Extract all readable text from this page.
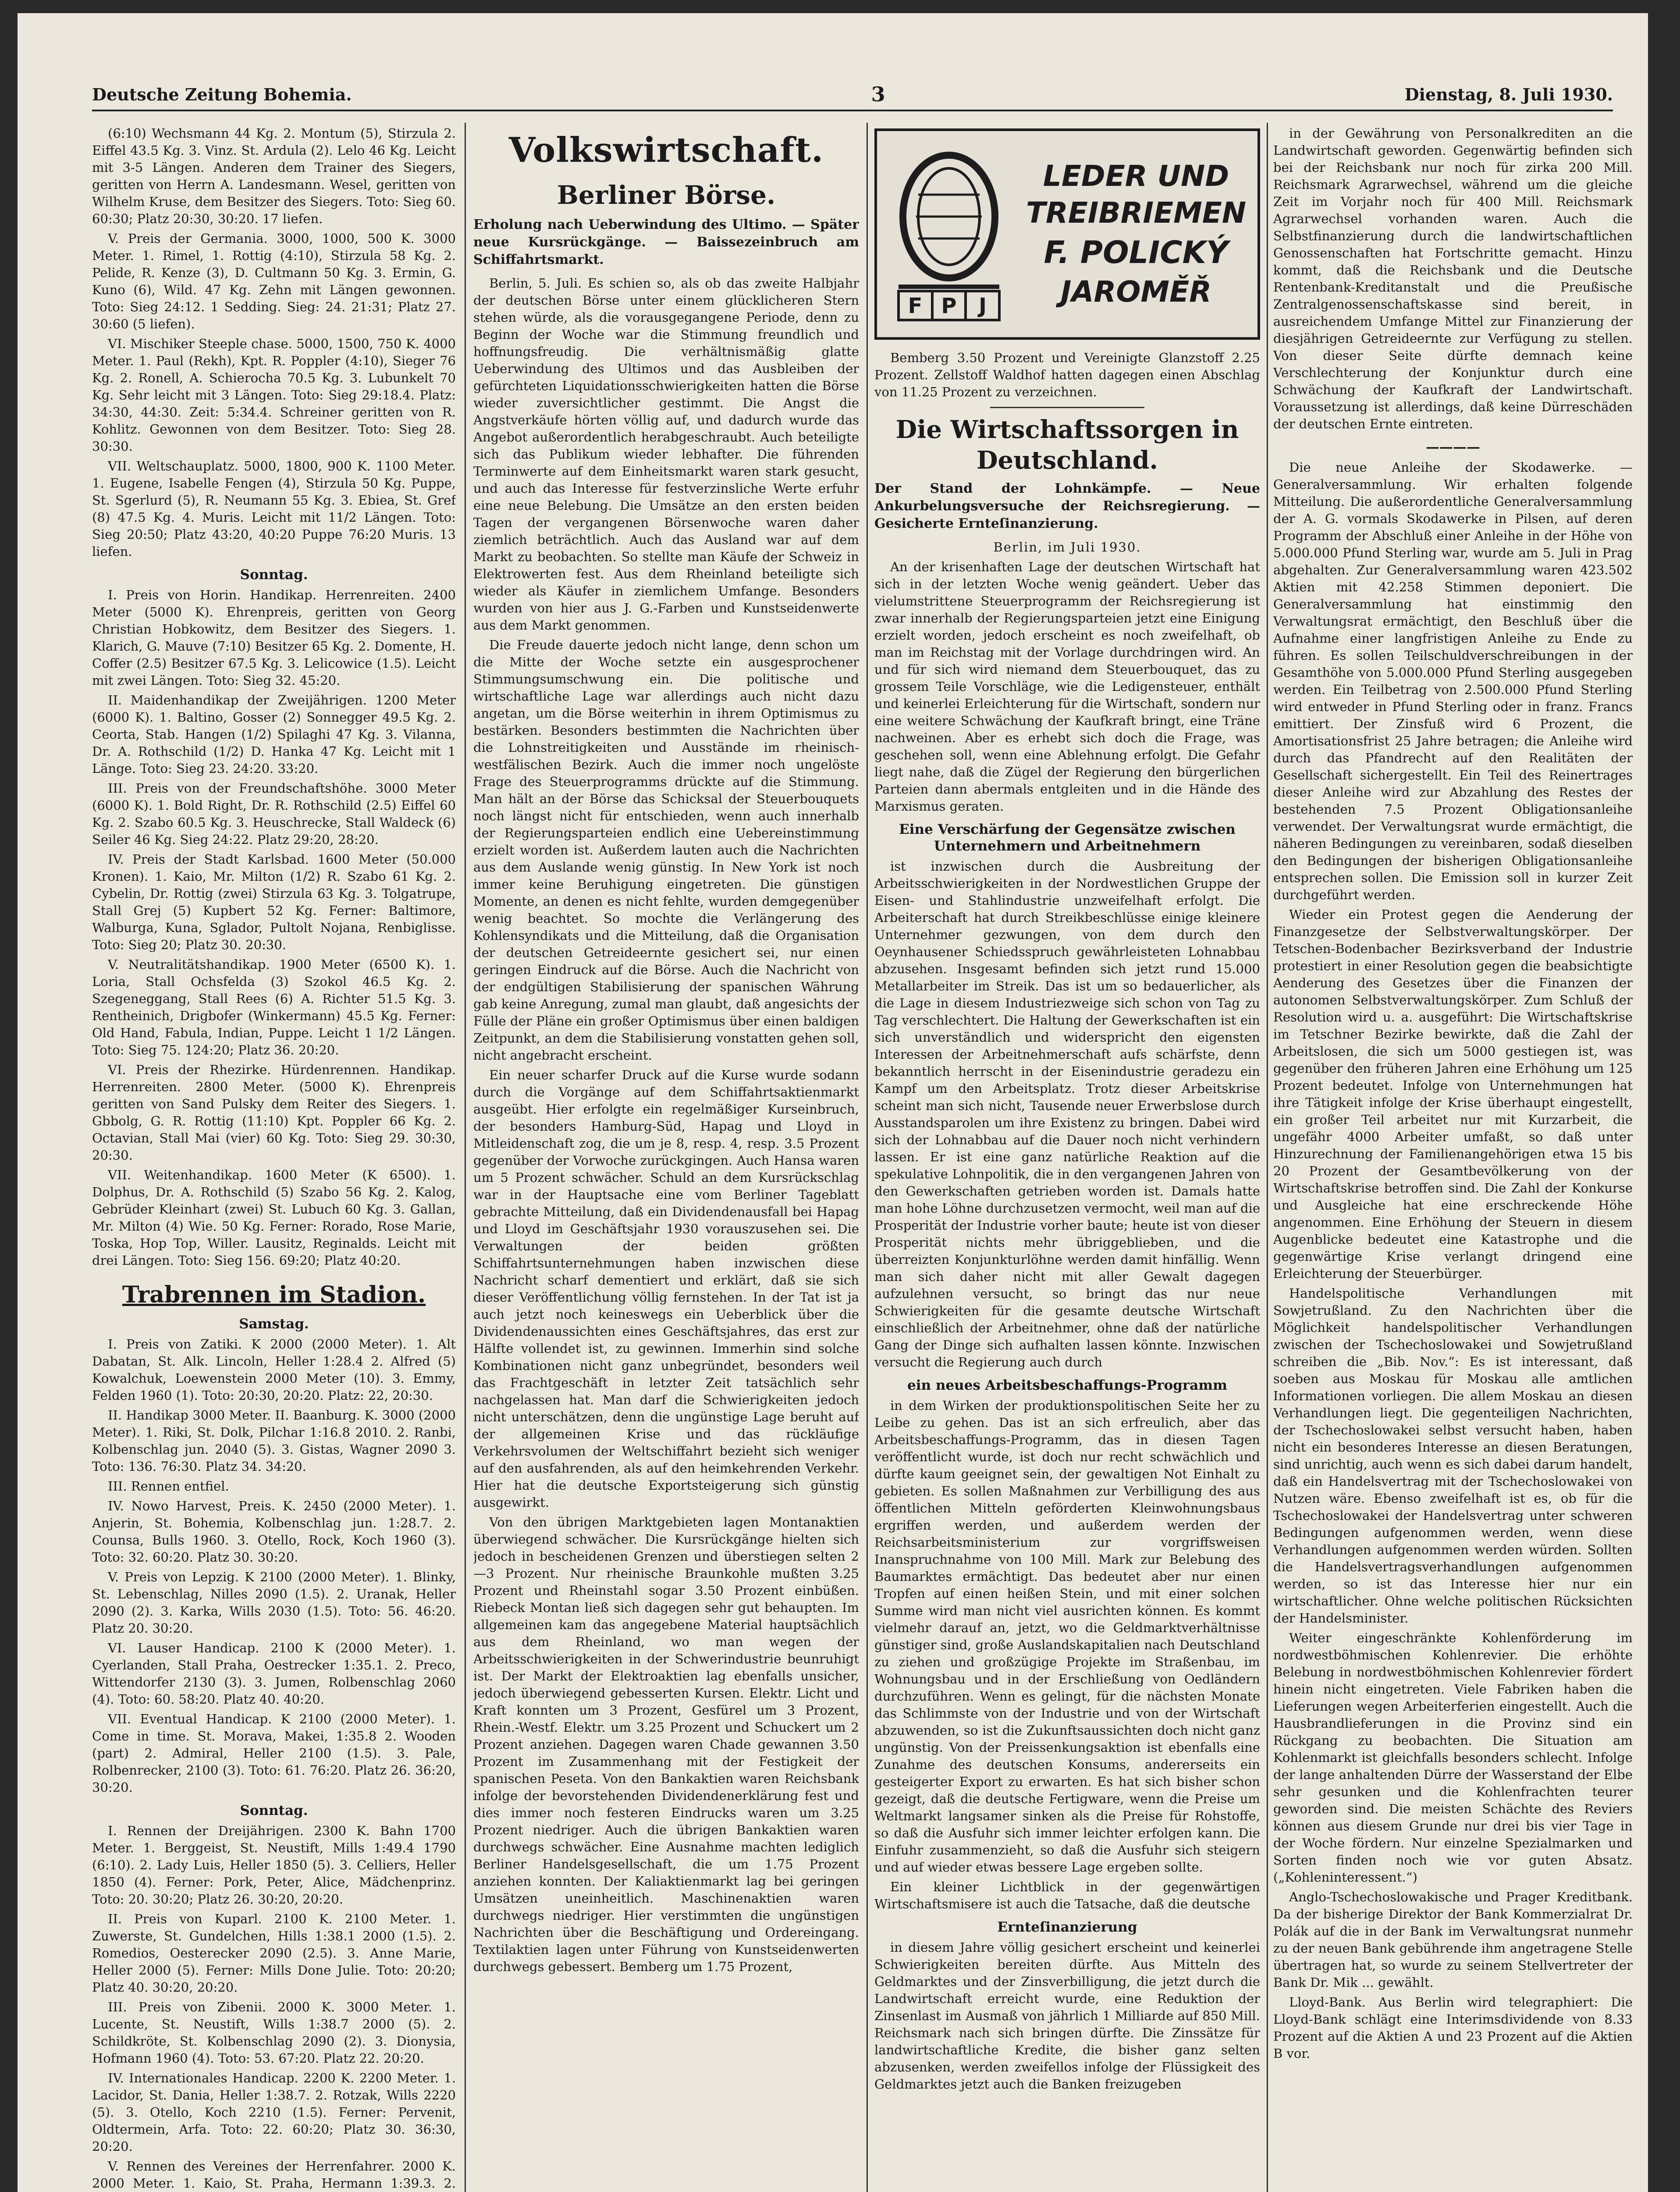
Deutsche Zeitung Bohemia.	3	Dienstag, 8. Juli 1930.

(6:10) Wechsmann 44 Kg. 2. Montum (5), Stirzula 2. Eiffel 43.5 Kg. 3. Vinz. St. Ardula (2). Lelo 46 Kg. Leicht mit 3-5 Längen. Anderen dem Trainer des Siegers, geritten von Herrn A. Landesmann. Wesel, geritten von Wilhelm Kruse, dem Besitzer des Siegers. Toto: Sieg 60. 60:30; Platz 20:30, 30:20. 17 liefen.

V. Preis der Germania. 3000, 1000, 500 K. 3000 Meter. 1. Rimel, 1. Rottig (4:10), Stirzula 58 Kg. 2. Pelide, R. Kenze (3), D. Cultmann 50 Kg. 3. Ermin, G. Kuno (6), Wild. 47 Kg. Zehn mit Längen gewonnen. Toto: Sieg 24:12. 1 Sedding. Sieg: 24. 21:31; Platz 27. 30:60 (5 liefen).

VI. Mischiker Steeple chase. 5000, 1500, 750 K. 4000 Meter. 1. Paul (Rekh), Kpt. R. Poppler (4:10), Sieger 76 Kg. 2. Ronell, A. Schierocha 70.5 Kg. 3. Lubunkelt 70 Kg. Sehr leicht mit 3 Längen. Toto: Sieg 29:18.4. Platz: 34:30, 44:30. Zeit: 5:34.4. Schreiner geritten von R. Kohlitz. Gewonnen von dem Besitzer. Toto: Sieg 28. 30:30.

VII. Weltschauplatz. 5000, 1800, 900 K. 1100 Meter. 1. Eugene, Isabelle Fengen (4), Stirzula 50 Kg. Puppe, St. Sgerlurd (5), R. Neumann 55 Kg. 3. Ebiea, St. Gref (8) 47.5 Kg. 4. Muris. Leicht mit 11/2 Längen. Toto: Sieg 20:50; Platz 43:20, 40:20 Puppe 76:20 Muris. 13 liefen.

Sonntag.

I. Preis von Horin. Handikap. Herrenreiten. 2400 Meter (5000 K). Ehrenpreis, geritten von Georg Christian Hobkowitz, dem Besitzer des Siegers. 1. Klarich, G. Mauve (7:10) Besitzer 65 Kg. 2. Domente, H. Coffer (2.5) Besitzer 67.5 Kg. 3. Lelicowice (1.5). Leicht mit zwei Längen. Toto: Sieg 32. 45:20.

II. Maidenhandikap der Zweijährigen. 1200 Meter (6000 K). 1. Baltino, Gosser (2) Sonnegger 49.5 Kg. 2. Ceorta, Stab. Hangen (1/2) Spilaghi 47 Kg. 3. Vilanna, Dr. A. Rothschild (1/2) D. Hanka 47 Kg. Leicht mit 1 Länge. Toto: Sieg 23. 24:20. 33:20.

III. Preis von der Freundschaftshöhe. 3000 Meter (6000 K). 1. Bold Right, Dr. R. Rothschild (2.5) Eiffel 60 Kg. 2. Szabo 60.5 Kg. 3. Heuschrecke, Stall Waldeck (6) Seiler 46 Kg. Sieg 24:22. Platz 29:20, 28:20.

IV. Preis der Stadt Karlsbad. 1600 Meter (50.000 Kronen). 1. Kaio, Mr. Milton (1/2) R. Szabo 61 Kg. 2. Cybelin, Dr. Rottig (zwei) Stirzula 63 Kg. 3. Tolgatrupe, Stall Grej (5) Kupbert 52 Kg. Ferner: Baltimore, Walburga, Kuna, Sglador, Pultolt Nojana, Renbiglisse. Toto: Sieg 20; Platz 30. 20:30.

V. Neutralitätshandikap. 1900 Meter (6500 K). 1. Loria, Stall Ochsfelda (3) Szokol 46.5 Kg. 2. Szegeneggang, Stall Rees (6) A. Richter 51.5 Kg. 3. Rentheinich, Drigbofer (Winkermann) 45.5 Kg. Ferner: Old Hand, Fabula, Indian, Puppe. Leicht 1 1/2 Längen. Toto: Sieg 75. 124:20; Platz 36. 20:20.

VI. Preis der Rhezirke. Hürdenrennen. Handikap. Herrenreiten. 2800 Meter. (5000 K). Ehrenpreis geritten von Sand Pulsky dem Reiter des Siegers. 1. Gbbolg, G. R. Rottig (11:10) Kpt. Poppler 66 Kg. 2. Octavian, Stall Mai (vier) 60 Kg. Toto: Sieg 29. 30:30, 20:30.

VII. Weitenhandikap. 1600 Meter (K 6500). 1. Dolphus, Dr. A. Rothschild (5) Szabo 56 Kg. 2. Kalog, Gebrüder Kleinhart (zwei) St. Lubuch 60 Kg. 3. Gallan, Mr. Milton (4) Wie. 50 Kg. Ferner: Rorado, Rose Marie, Toska, Hop Top, Willer. Lausitz, Reginalds. Leicht mit drei Längen. Toto: Sieg 156. 69:20; Platz 40:20.

Trabrennen im Stadion.
Samstag.

I. Preis von Zatiki. K 2000 (2000 Meter). 1. Alt Dabatan, St. Alk. Lincoln, Heller 1:28.4 2. Alfred (5) Kowalchuk, Loewenstein 2000 Meter (10). 3. Emmy, Felden 1960 (1). Toto: 20:30, 20:20. Platz: 22, 20:30.

II. Handikap 3000 Meter. II. Baanburg. K. 3000 (2000 Meter). 1. Riki, St. Dolk, Pilchar 1:16.8 2010. 2. Ranbi, Kolbenschlag jun. 2040 (5). 3. Gistas, Wagner 2090 3. Toto: 136. 76:30. Platz 34. 34:20.

III. Rennen entfiel.

IV. Nowo Harvest, Preis. K. 2450 (2000 Meter). 1. Anjerin, St. Bohemia, Kolbenschlag jun. 1:28.7. 2. Counsa, Bulls 1960. 3. Otello, Rock, Koch 1960 (3). Toto: 32. 60:20. Platz 30. 30:20.

V. Preis von Lepzig. K 2100 (2000 Meter). 1. Blinky, St. Lebenschlag, Nilles 2090 (1.5). 2. Uranak, Heller 2090 (2). 3. Karka, Wills 2030 (1.5). Toto: 56. 46:20. Platz 20. 30:20.

VI. Lauser Handicap. 2100 K (2000 Meter). 1. Cyerlanden, Stall Praha, Oestrecker 1:35.1. 2. Preco, Wittendorfer 2130 (3). 3. Jumen, Rolbenschlag 2060 (4). Toto: 60. 58:20. Platz 40. 40:20.

VII. Eventual Handicap. K 2100 (2000 Meter). 1. Come in time. St. Morava, Makei, 1:35.8 2. Wooden (part) 2. Admiral, Heller 2100 (1.5). 3. Pale, Rolbenrecker, 2100 (3). Toto: 61. 76:20. Platz 26. 36:20, 30:20.

Sonntag.

I. Rennen der Dreijährigen. 2300 K. Bahn 1700 Meter. 1. Berggeist, St. Neustift, Mills 1:49.4 1790 (6:10). 2. Lady Luis, Heller 1850 (5). 3. Celliers, Heller 1850 (4). Ferner: Pork, Peter, Alice, Mädchenprinz. Toto: 20. 30:20; Platz 26. 30:20, 20:20.

II. Preis von Kuparl. 2100 K. 2100 Meter. 1. Zuwerste, St. Gundelchen, Hills 1:38.1 2000 (1.5). 2. Romedios, Oesterecker 2090 (2.5). 3. Anne Marie, Heller 2000 (5). Ferner: Mills Done Julie. Toto: 20:20; Platz 40. 30:20, 20:20.

III. Preis von Zibenii. 2000 K. 3000 Meter. 1. Lucente, St. Neustift, Wills 1:38.7 2000 (5). 2. Schildkröte, St. Kolbenschlag 2090 (2). 3. Dionysia, Hofmann 1960 (4). Toto: 53. 67:20. Platz 22. 20:20.

IV. Internationales Handicap. 2200 K. 2200 Meter. 1. Lacidor, St. Dania, Heller 1:38.7. 2. Rotzak, Wills 2220 (5). 3. Otello, Koch 2210 (1.5). Ferner: Pervenit, Oldtermein, Arfa. Toto: 22. 60:20; Platz 30. 36:30, 20:20.

V. Rennen des Vereines der Herrenfahrer. 2000 K. 2000 Meter. 1. Kaio, St. Praha, Hermann 1:39.3. 2.

Volkswirtschaft.
Berliner Börse.
Erholung nach Ueberwindung des Ultimo. — Später neue Kursrückgänge. — Baissezeinbruch am Schiffahrtsmarkt.

Berlin, 5. Juli. Es schien so, als ob das zweite Halbjahr der deutschen Börse unter einem glücklicheren Stern stehen würde, als die vorausgegangene Periode, denn zu Beginn der Woche war die Stimmung freundlich und hoffnungsfreudig. Die verhältnismäßig glatte Ueberwindung des Ultimos und das Ausbleiben der gefürchteten Liquidationsschwierigkeiten hatten die Börse wieder zuversichtlicher gestimmt. Die Angst die Angstverkäufe hörten völlig auf, und dadurch wurde das Angebot außerordentlich herabgeschraubt. Auch beteiligte sich das Publikum wieder lebhafter. Die führenden Terminwerte auf dem Einheitsmarkt waren stark gesucht, und auch das Interesse für festverzinsliche Werte erfuhr eine neue Belebung. Die Umsätze an den ersten beiden Tagen der vergangenen Börsenwoche waren daher ziemlich beträchtlich. Auch das Ausland war auf dem Markt zu beobachten. So stellte man Käufe der Schweiz in Elektrowerten fest. Aus dem Rheinland beteiligte sich wieder als Käufer in ziemlichem Umfange. Besonders wurden von hier aus J. G.-Farben und Kunstseidenwerte aus dem Markt genommen.

Die Freude dauerte jedoch nicht lange, denn schon um die Mitte der Woche setzte ein ausgesprochener Stimmungsumschwung ein. Die politische und wirtschaftliche Lage war allerdings auch nicht dazu angetan, um die Börse weiterhin in ihrem Optimismus zu bestärken. Besonders bestimmten die Nachrichten über die Lohnstreitigkeiten und Ausstände im rheinisch-westfälischen Bezirk. Auch die immer noch ungelöste Frage des Steuerprogramms drückte auf die Stimmung. Man hält an der Börse das Schicksal der Steuerbouquets noch längst nicht für entschieden, wenn auch innerhalb der Regierungsparteien endlich eine Uebereinstimmung erzielt worden ist. Außerdem lauten auch die Nachrichten aus dem Auslande wenig günstig. In New York ist noch immer keine Beruhigung eingetreten. Die günstigen Momente, an denen es nicht fehlte, wurden demgegenüber wenig beachtet. So mochte die Verlängerung des Kohlensyndikats und die Mitteilung, daß die Organisation der deutschen Getreideernte gesichert sei, nur einen geringen Eindruck auf die Börse. Auch die Nachricht von der endgültigen Stabilisierung der spanischen Währung gab keine Anregung, zumal man glaubt, daß angesichts der Fülle der Pläne ein großer Optimismus über einen baldigen Zeitpunkt, an dem die Stabilisierung vonstatten gehen soll, nicht angebracht erscheint.

Ein neuer scharfer Druck auf die Kurse wurde sodann durch die Vorgänge auf dem Schiffahrtsaktienmarkt ausgeübt. Hier erfolgte ein regelmäßiger Kurseinbruch, der besonders Hamburg-Süd, Hapag und Lloyd in Mitleidenschaft zog, die um je 8, resp. 4, resp. 3.5 Prozent gegenüber der Vorwoche zurückgingen. Auch Hansa waren um 5 Prozent schwächer. Schuld an dem Kursrückschlag war in der Hauptsache eine vom Berliner Tageblatt gebrachte Mitteilung, daß ein Dividendenausfall bei Hapag und Lloyd im Geschäftsjahr 1930 vorauszusehen sei. Die Verwaltungen der beiden größten Schiffahrtsunternehmungen haben inzwischen diese Nachricht scharf dementiert und erklärt, daß sie sich dieser Veröffentlichung völlig fernstehen. In der Tat ist ja auch jetzt noch keineswegs ein Ueberblick über die Dividendenaussichten eines Geschäftsjahres, das erst zur Hälfte vollendet ist, zu gewinnen. Immerhin sind solche Kombinationen nicht ganz unbegründet, besonders weil das Frachtgeschäft in letzter Zeit tatsächlich sehr nachgelassen hat. Man darf die Schwierigkeiten jedoch nicht unterschätzen, denn die ungünstige Lage beruht auf der allgemeinen Krise und das rückläufige Verkehrsvolumen der Weltschiffahrt bezieht sich weniger auf den ausfahrenden, als auf den heimkehrenden Verkehr. Hier hat die deutsche Exportsteigerung sich günstig ausgewirkt.

Von den übrigen Marktgebieten lagen Montanaktien überwiegend schwächer. Die Kursrückgänge hielten sich jedoch in bescheidenen Grenzen und überstiegen selten 2—3 Prozent. Nur rheinische Braunkohle mußten 3.25 Prozent und Rheinstahl sogar 3.50 Prozent einbüßen. Riebeck Montan ließ sich dagegen sehr gut behaupten. Im allgemeinen kam das angegebene Material hauptsächlich aus dem Rheinland, wo man wegen der Arbeitsschwierigkeiten in der Schwerindustrie beunruhigt ist. Der Markt der Elektroaktien lag ebenfalls unsicher, jedoch überwiegend gebesserten Kursen. Elektr. Licht und Kraft konnten um 3 Prozent, Gesfürel um 3 Prozent, Rhein.-Westf. Elektr. um 3.25 Prozent und Schuckert um 2 Prozent anziehen. Dagegen waren Chade gewannen 3.50 Prozent im Zusammenhang mit der Festigkeit der spanischen Peseta. Von den Bankaktien waren Reichsbank infolge der bevorstehenden Dividendenerklärung fest und dies immer noch festeren Eindrucks waren um 3.25 Prozent niedriger. Auch die übrigen Bankaktien waren durchwegs schwächer. Eine Ausnahme machten lediglich Berliner Handelsgesellschaft, die um 1.75 Prozent anziehen konnten. Der Kaliaktienmarkt lag bei geringen Umsätzen uneinheitlich. Maschinenaktien waren durchwegs niedriger. Hier verstimmten die ungünstigen Nachrichten über die Beschäftigung und Ordereingang. Textilaktien lagen unter Führung von Kunstseidenwerten durchwegs gebessert. Bemberg um 1.75 Prozent,

F P J
LEDER UND
TREIBRIEMEN
F. POLICKÝ
JAROMĚŘ

Bemberg 3.50 Prozent und Vereinigte Glanzstoff 2.25 Prozent. Zellstoff Waldhof hatten dagegen einen Abschlag von 11.25 Prozent zu verzeichnen.

Die Wirtschaftssorgen in Deutschland.
Der Stand der Lohnkämpfe. — Neue Ankurbelungsversuche der Reichsregierung. — Gesicherte Ernteſinanzierung.
Berlin, im Juli 1930.

An der krisenhaften Lage der deutschen Wirtschaft hat sich in der letzten Woche wenig geändert. Ueber das vielumstrittene Steuerprogramm der Reichsregierung ist zwar innerhalb der Regierungsparteien jetzt eine Einigung erzielt worden, jedoch erscheint es noch zweifelhaft, ob man im Reichstag mit der Vorlage durchdringen wird. An und für sich wird niemand dem Steuerbouquet, das zu grossem Teile Vorschläge, wie die Ledigensteuer, enthält und keinerlei Erleichterung für die Wirtschaft, sondern nur eine weitere Schwächung der Kaufkraft bringt, eine Träne nachweinen. Aber es erhebt sich doch die Frage, was geschehen soll, wenn eine Ablehnung erfolgt. Die Gefahr liegt nahe, daß die Zügel der Regierung den bürgerlichen Parteien dann abermals entgleiten und in die Hände des Marxismus geraten.

Eine Verschärfung der Gegensätze zwischen Unternehmern und Arbeitnehmern

ist inzwischen durch die Ausbreitung der Arbeitsschwierigkeiten in der Nordwestlichen Gruppe der Eisen- und Stahlindustrie unzweifelhaft erfolgt. Die Arbeiterschaft hat durch Streikbeschlüsse einige kleinere Unternehmer gezwungen, von dem durch den Oeynhausener Schiedsspruch gewährleisteten Lohnabbau abzusehen. Insgesamt befinden sich jetzt rund 15.000 Metallarbeiter im Streik. Das ist um so bedauerlicher, als die Lage in diesem Industriezweige sich schon von Tag zu Tag verschlechtert. Die Haltung der Gewerkschaften ist ein sich unverständlich und widerspricht den eigensten Interessen der Arbeitnehmerschaft aufs schärfste, denn bekanntlich herrscht in der Eisenindustrie geradezu ein Kampf um den Arbeitsplatz. Trotz dieser Arbeitskrise scheint man sich nicht, Tausende neuer Erwerbslose durch Ausstandsparolen um ihre Existenz zu bringen. Dabei wird sich der Lohnabbau auf die Dauer noch nicht verhindern lassen. Er ist eine ganz natürliche Reaktion auf die spekulative Lohnpolitik, die in den vergangenen Jahren von den Gewerkschaften getrieben worden ist. Damals hatte man hohe Löhne durchzusetzen vermocht, weil man auf die Prosperität der Industrie vorher baute; heute ist von dieser Prosperität nichts mehr übriggeblieben, und die überreizten Konjunkturlöhne werden damit hinfällig. Wenn man sich daher nicht mit aller Gewalt dagegen aufzulehnen versucht, so bringt das nur neue Schwierigkeiten für die gesamte deutsche Wirtschaft einschließlich der Arbeitnehmer, ohne daß der natürliche Gang der Dinge sich aufhalten lassen könnte. Inzwischen versucht die Regierung auch durch

ein neues Arbeitsbeschaffungs-Programm

in dem Wirken der produktionspolitischen Seite her zu Leibe zu gehen. Das ist an sich erfreulich, aber das Arbeitsbeschaffungs-Programm, das in diesen Tagen veröffentlicht wurde, ist doch nur recht schwächlich und dürfte kaum geeignet sein, der gewaltigen Not Einhalt zu gebieten. Es sollen Maßnahmen zur Verbilligung des aus öffentlichen Mitteln geförderten Kleinwohnungsbaus ergriffen werden, und außerdem werden der Reichsarbeitsministerium zur vorgriffsweisen Inanspruchnahme von 100 Mill. Mark zur Belebung des Baumarktes ermächtigt. Das bedeutet aber nur einen Tropfen auf einen heißen Stein, und mit einer solchen Summe wird man nicht viel ausrichten können. Es kommt vielmehr darauf an, jetzt, wo die Geldmarktverhältnisse günstiger sind, große Auslandskapitalien nach Deutschland zu ziehen und großzügige Projekte im Straßenbau, im Wohnungsbau und in der Erschließung von Oedländern durchzuführen. Wenn es gelingt, für die nächsten Monate das Schlimmste von der Industrie und von der Wirtschaft abzuwenden, so ist die Zukunftsaussichten doch nicht ganz ungünstig. Von der Preissenkungsaktion ist ebenfalls eine Zunahme des deutschen Konsums, andererseits ein gesteigerter Export zu erwarten. Es hat sich bisher schon gezeigt, daß die deutsche Fertigware, wenn die Preise um Weltmarkt langsamer sinken als die Preise für Rohstoffe, so daß die Ausfuhr sich immer leichter erfolgen kann. Die Einfuhr zusammenzieht, so daß die Ausfuhr sich steigern und auf wieder etwas bessere Lage ergeben sollte.

Ein kleiner Lichtblick in der gegenwärtigen Wirtschaftsmisere ist auch die Tatsache, daß die deutsche

Ernteſinanzierung

in diesem Jahre völlig gesichert erscheint und keinerlei Schwierigkeiten bereiten dürfte. Aus Mitteln des Geldmarktes und der Zinsverbilligung, die jetzt durch die Landwirtschaft erreicht wurde, eine Reduktion der Zinsenlast im Ausmaß von jährlich 1 Milliarde auf 850 Mill. Reichsmark nach sich bringen dürfte. Die Zinssätze für landwirtschaftliche Kredite, die bisher ganz selten abzusenken, werden zweifellos infolge der Flüssigkeit des Geldmarktes jetzt auch die Banken freizugeben

in der Gewährung von Personalkrediten an die Landwirtschaft geworden. Gegenwärtig befinden sich bei der Reichsbank nur noch für zirka 200 Mill. Reichsmark Agrarwechsel, während um die gleiche Zeit im Vorjahr noch für 400 Mill. Reichsmark Agrarwechsel vorhanden waren. Auch die Selbstfinanzierung durch die landwirtschaftlichen Genossenschaften hat Fortschritte gemacht. Hinzu kommt, daß die Reichsbank und die Deutsche Rentenbank-Kreditanstalt und die Preußische Zentralgenossenschaftskasse sind bereit, in ausreichendem Umfange Mittel zur Finanzierung der diesjährigen Getreideernte zur Verfügung zu stellen. Von dieser Seite dürfte demnach keine Verschlechterung der Konjunktur durch eine Schwächung der Kaufkraft der Landwirtschaft. Voraussetzung ist allerdings, daß keine Dürreschäden der deutschen Ernte eintreten.

————

Die neue Anleihe der Skodawerke. — Generalversammlung. Wir erhalten folgende Mitteilung. Die außerordentliche Generalversammlung der A. G. vormals Skodawerke in Pilsen, auf deren Programm der Abschluß einer Anleihe in der Höhe von 5.000.000 Pfund Sterling war, wurde am 5. Juli in Prag abgehalten. Zur Generalversammlung waren 423.502 Aktien mit 42.258 Stimmen deponiert. Die Generalversammlung hat einstimmig den Verwaltungsrat ermächtigt, den Beschluß über die Aufnahme einer langfristigen Anleihe zu Ende zu führen. Es sollen Teilschuldverschreibungen in der Gesamthöhe von 5.000.000 Pfund Sterling ausgegeben werden. Ein Teilbetrag von 2.500.000 Pfund Sterling wird entweder in Pfund Sterling oder in franz. Francs emittiert. Der Zinsfuß wird 6 Prozent, die Amortisationsfrist 25 Jahre betragen; die Anleihe wird durch das Pfandrecht auf den Realitäten der Gesellschaft sichergestellt. Ein Teil des Reinertrages dieser Anleihe wird zur Abzahlung des Restes der bestehenden 7.5 Prozent Obligationsanleihe verwendet. Der Verwaltungsrat wurde ermächtigt, die näheren Bedingungen zu vereinbaren, sodaß dieselben den Bedingungen der bisherigen Obligationsanleihe entsprechen sollen. Die Emission soll in kurzer Zeit durchgeführt werden.

Wieder ein Protest gegen die Aenderung der Finanzgesetze der Selbstverwaltungskörper. Der Tetschen-Bodenbacher Bezirksverband der Industrie protestiert in einer Resolution gegen die beabsichtigte Aenderung des Gesetzes über die Finanzen der autonomen Selbstverwaltungskörper. Zum Schluß der Resolution wird u. a. ausgeführt: Die Wirtschaftskrise im Tetschner Bezirke bewirkte, daß die Zahl der Arbeitslosen, die sich um 5000 gestiegen ist, was gegenüber den früheren Jahren eine Erhöhung um 125 Prozent bedeutet. Infolge von Unternehmungen hat ihre Tätigkeit infolge der Krise überhaupt eingestellt, ein großer Teil arbeitet nur mit Kurzarbeit, die ungefähr 4000 Arbeiter umfaßt, so daß unter Hinzurechnung der Familienangehörigen etwa 15 bis 20 Prozent der Gesamtbevölkerung von der Wirtschaftskrise betroffen sind. Die Zahl der Konkurse und Ausgleiche hat eine erschreckende Höhe angenommen. Eine Erhöhung der Steuern in diesem Augenblicke bedeutet eine Katastrophe und die gegenwärtige Krise verlangt dringend eine Erleichterung der Steuerbürger.

Handelspolitische Verhandlungen mit Sowjetrußland. Zu den Nachrichten über die Möglichkeit handelspolitischer Verhandlungen zwischen der Tschechoslowakei und Sowjetrußland schreiben die „Bib. Nov.“: Es ist interessant, daß soeben aus Moskau für Moskau alle amtlichen Informationen vorliegen. Die allem Moskau an diesen Verhandlungen liegt. Die gegenteiligen Nachrichten, der Tschechoslowakei selbst versucht haben, haben nicht ein besonderes Interesse an diesen Beratungen, sind unrichtig, auch wenn es sich dabei darum handelt, daß ein Handelsvertrag mit der Tschechoslowakei von Nutzen wäre. Ebenso zweifelhaft ist es, ob für die Tschechoslowakei der Handelsvertrag unter schweren Bedingungen aufgenommen werden, wenn diese Verhandlungen aufgenommen werden würden. Sollten die Handelsvertragsverhandlungen aufgenommen werden, so ist das Interesse hier nur ein wirtschaftlicher. Ohne welche politischen Rücksichten der Handelsminister.

Weiter eingeschränkte Kohlenförderung im nordwestböhmischen Kohlenrevier. Die erhöhte Belebung in nordwestböhmischen Kohlenrevier fördert hinein nicht eingetreten. Viele Fabriken haben die Lieferungen wegen Arbeiterferien eingestellt. Auch die Hausbrandlieferungen in die Provinz sind ein Rückgang zu beobachten. Die Situation am Kohlenmarkt ist gleichfalls besonders schlecht. Infolge der lange anhaltenden Dürre der Wasserstand der Elbe sehr gesunken und die Kohlenfrachten teurer geworden sind. Die meisten Schächte des Reviers können aus diesem Grunde nur drei bis vier Tage in der Woche fördern. Nur einzelne Spezialmarken und Sorten finden noch wie vor guten Absatz. („Kohleninteressent.“)

Anglo-Tschechoslowakische und Prager Kreditbank. Da der bisherige Direktor der Bank Kommerzialrat Dr. Polák auf die in der Bank im Verwaltungsrat nunmehr zu der neuen Bank gebührende ihm angetragene Stelle übertragen hat, so wurde zu seinem Stellvertreter der Bank Dr. Mik ... gewählt.

Lloyd-Bank. Aus Berlin wird telegraphiert: Die Lloyd-Bank schlägt eine Interimsdividende von 8.33 Prozent auf die Aktien A und 23 Prozent auf die Aktien B vor.
